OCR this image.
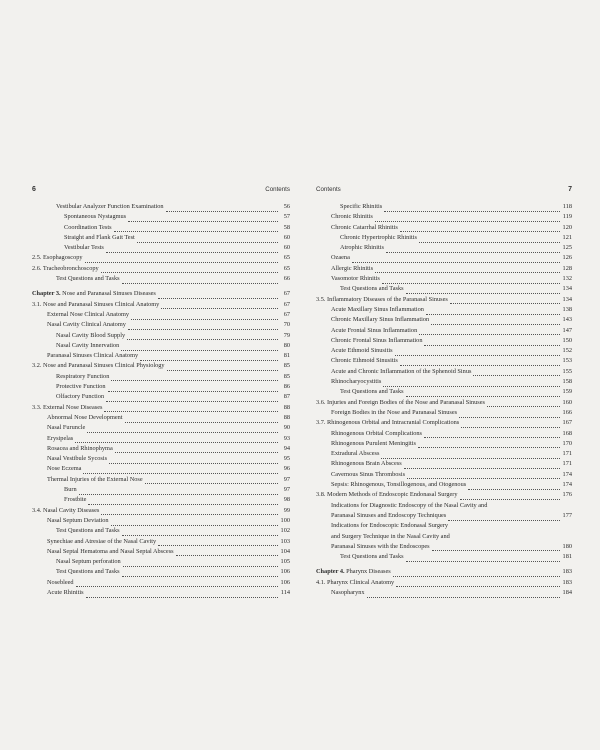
6	Contents
Vestibular Analyzer Function Examination	56
Spontaneous Nystagmus	57
Coordination Tests	58
Straight and Flank Gait Test	60
Vestibular Tests	60
2.5. Esophagoscopy	65
2.6. Tracheobronchoscopy	65
Test Questions and Tasks	66
Chapter 3. Nose and Paranasal Sinuses Diseases	67
3.1. Nose and Paranasal Sinuses Clinical Anatomy	67
External Nose Clinical Anatomy	67
Nasal Cavity Clinical Anatomy	70
Nasal Cavity Blood Supply	79
Nasal Cavity Innervation	80
Paranasal Sinuses Clinical Anatomy	81
3.2. Nose and Paranasal Sinuses Clinical Physiology	85
Respiratory Function	85
Protective Function	86
Olfactory Function	87
3.3. External Nose Diseases	88
Abnormal Nose Development	88
Nasal Furuncle	90
Erysipelas	93
Rosacea and Rhinophyma	94
Nasal Vestibule Sycosis	95
Nose Eczema	96
Thermal Injuries of the External Nose	97
Burn	97
Frostbite	98
3.4. Nasal Cavity Diseases	99
Nasal Septum Deviation	100
Test Questions and Tasks	102
Synechiae and Atresiae of the Nasal Cavity	103
Nasal Septal Hematoma and Nasal Septal Abscess	104
Nasal Septum perforation	105
Test Questions and Tasks	106
Nosebleed	106
Acute Rhinitis	114
Contents	7
Specific Rhinitis	118
Chronic Rhinitis	119
Chronic Catarrhal Rhinitis	120
Chronic Hypertrophic Rhinitis	121
Atrophic Rhinitis	125
Ozaena	126
Allergic Rhinitis	128
Vasomotor Rhinitis	132
Test Questions and Tasks	134
3.5. Inflammatory Diseases of the Paranasal Sinuses	134
Acute Maxillary Sinus Inflammation	138
Chronic Maxillary Sinus Inflammation	143
Acute Frontal Sinus Inflammation	147
Chronic Frontal Sinus Inflammation	150
Acute Ethmoid Sinusitis	152
Chronic Ethmoid Sinusitis	153
Acute and Chronic Inflammation of the Sphenoid Sinus	155
Rhinocharyocystitis	158
Test Questions and Tasks	159
3.6. Injuries and Foreign Bodies of the Nose and Paranasal Sinuses	160
Foreign Bodies in the Nose and Paranasal Sinuses	166
3.7. Rhinogenous Orbital and Intracranial Complications	167
Rhinogenous Orbital Complications	168
Rhinogenous Purulent Meningitis	170
Extradural Abscess	171
Rhinogenous Brain Abscess	171
Cavernous Sinus Thrombosis	174
Sepsis: Rhinogenous, Tonsillogenous, and Otogenous	174
3.8. Modern Methods of Endoscopic Endonasal Surgery	176
Indications for Diagnostic Endoscopy of the Nasal Cavity and
Paranasal Sinuses and Endoscopy Techniques	177
Indications for Endoscopic Endonasal Surgery
and Surgery Technique in the Nasal Cavity and
Paranasal Sinuses with the Endoscopes	180
Test Questions and Tasks	181
Chapter 4. Pharynx Diseases	183
4.1. Pharynx Clinical Anatomy	183
Nasopharynx	184
